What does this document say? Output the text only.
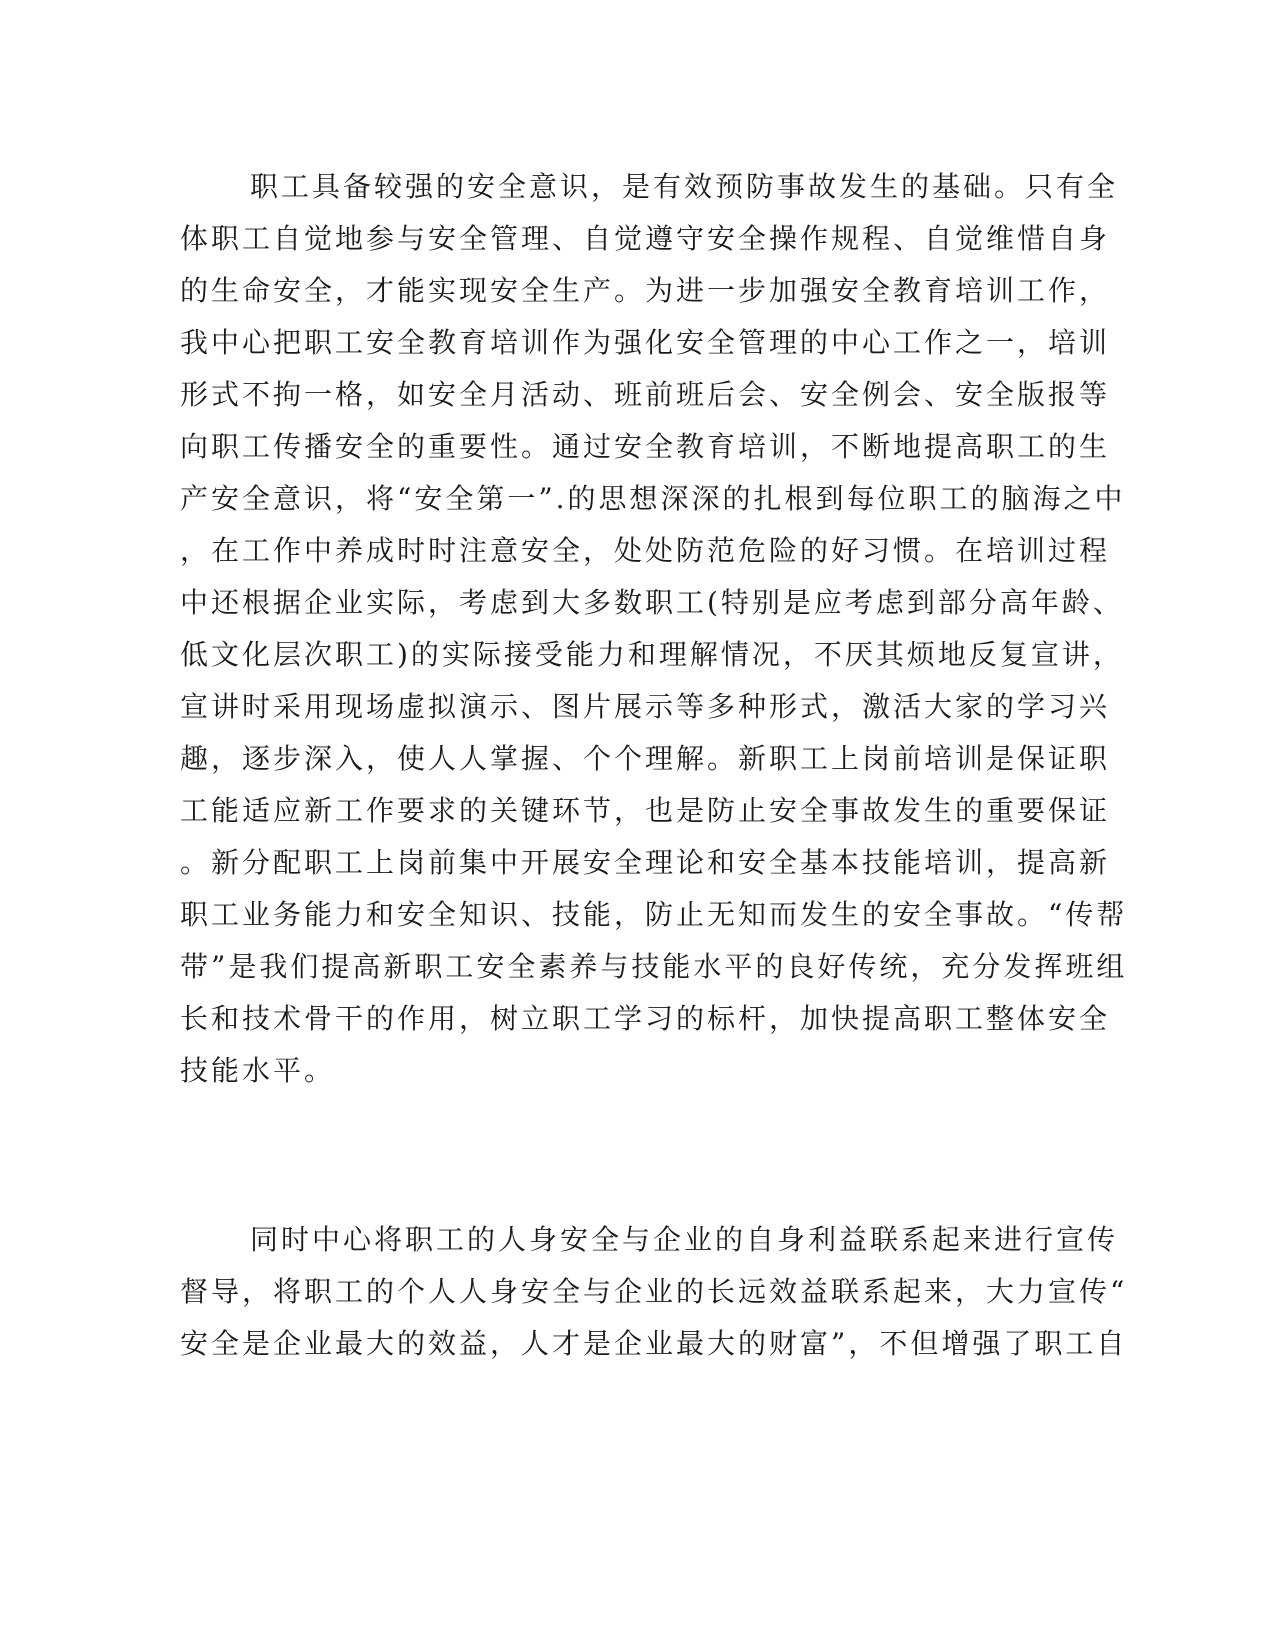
职工具备较强的安全意识，是有效预防事故发生的基础。只有全
体职工自觉地参与安全管理、自觉遵守安全操作规程、自觉维惜自身
的生命安全，才能实现安全生产。为进一步加强安全教育培训工作，
我中心把职工安全教育培训作为强化安全管理的中心工作之一，培训
形式不拘一格，如安全月活动、班前班后会、安全例会、安全版报等
向职工传播安全的重要性。通过安全教育培训，不断地提高职工的生
产安全意识，将“安全第一”.的思想深深的扎根到每位职工的脑海之中
，在工作中养成时时注意安全，处处防范危险的好习惯。在培训过程
中还根据企业实际，考虑到大多数职工(特别是应考虑到部分高年龄、
低文化层次职工)的实际接受能力和理解情况，不厌其烦地反复宣讲，
宣讲时采用现场虚拟演示、图片展示等多种形式，激活大家的学习兴
趣，逐步深入，使人人掌握、个个理解。新职工上岗前培训是保证职
工能适应新工作要求的关键环节，也是防止安全事故发生的重要保证
。新分配职工上岗前集中开展安全理论和安全基本技能培训，提高新
职工业务能力和安全知识、技能，防止无知而发生的安全事故。“传帮
带”是我们提高新职工安全素养与技能水平的良好传统，充分发挥班组
长和技术骨干的作用，树立职工学习的标杆，加快提高职工整体安全
技能水平。
同时中心将职工的人身安全与企业的自身利益联系起来进行宣传
督导，将职工的个人人身安全与企业的长远效益联系起来，大力宣传“
安全是企业最大的效益，人才是企业最大的财富”，不但增强了职工自
